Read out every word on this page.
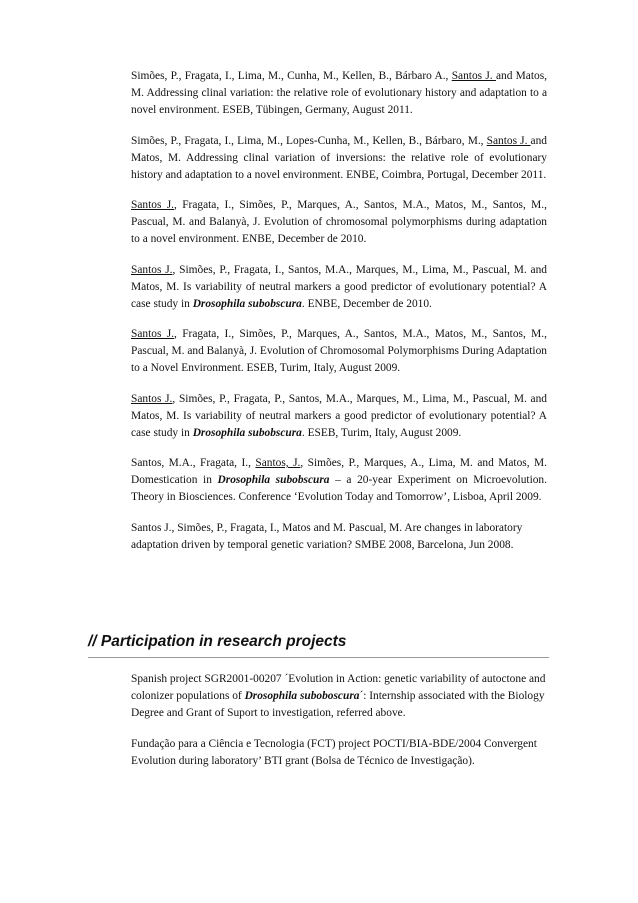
Simões, P., Fragata, I., Lima, M., Cunha, M., Kellen, B., Bárbaro A., Santos J. and Matos, M. Addressing clinal variation: the relative role of evolutionary history and adaptation to a novel environment. ESEB, Tübingen, Germany, August 2011.

Simões, P., Fragata, I., Lima, M., Lopes-Cunha, M., Kellen, B., Bárbaro, M., Santos J. and Matos, M. Addressing clinal variation of inversions: the relative role of evolutionary history and adaptation to a novel environment. ENBE, Coimbra, Portugal, December 2011.

Santos J., Fragata, I., Simões, P., Marques, A., Santos, M.A., Matos, M., Santos, M., Pascual, M. and Balanyà, J. Evolution of chromosomal polymorphisms during adaptation to a novel environment. ENBE, December de 2010.

Santos J., Simões, P., Fragata, I., Santos, M.A., Marques, M., Lima, M., Pascual, M. and Matos, M. Is variability of neutral markers a good predictor of evolutionary potential? A case study in Drosophila subobscura. ENBE, December de 2010.

Santos J., Fragata, I., Simões, P., Marques, A., Santos, M.A., Matos, M., Santos, M., Pascual, M. and Balanyà, J. Evolution of Chromosomal Polymorphisms During Adaptation to a Novel Environment. ESEB, Turim, Italy, August 2009.

Santos J., Simões, P., Fragata, P., Santos, M.A., Marques, M., Lima, M., Pascual, M. and Matos, M. Is variability of neutral markers a good predictor of evolutionary potential? A case study in Drosophila subobscura. ESEB, Turim, Italy, August 2009.

Santos, M.A., Fragata, I., Santos, J., Simões, P., Marques, A., Lima, M. and Matos, M. Domestication in Drosophila subobscura – a 20-year Experiment on Microevolution. Theory in Biosciences. Conference ‘Evolution Today and Tomorrow’, Lisboa, April 2009.

Santos J., Simões, P., Fragata, I., Matos and M. Pascual, M. Are changes in laboratory adaptation driven by temporal genetic variation? SMBE 2008, Barcelona, Jun 2008.

// Participation in research projects

Spanish project SGR2001-00207 ´Evolution in Action: genetic variability of autoctone and colonizer populations of Drosophila suboboscura´: Internship associated with the Biology Degree and Grant of Suport to investigation, referred above.

Fundação para a Ciência e Tecnologia (FCT) project POCTI/BIA-BDE/2004 Convergent Evolution during laboratory’ BTI grant (Bolsa de Técnico de Investigação).
